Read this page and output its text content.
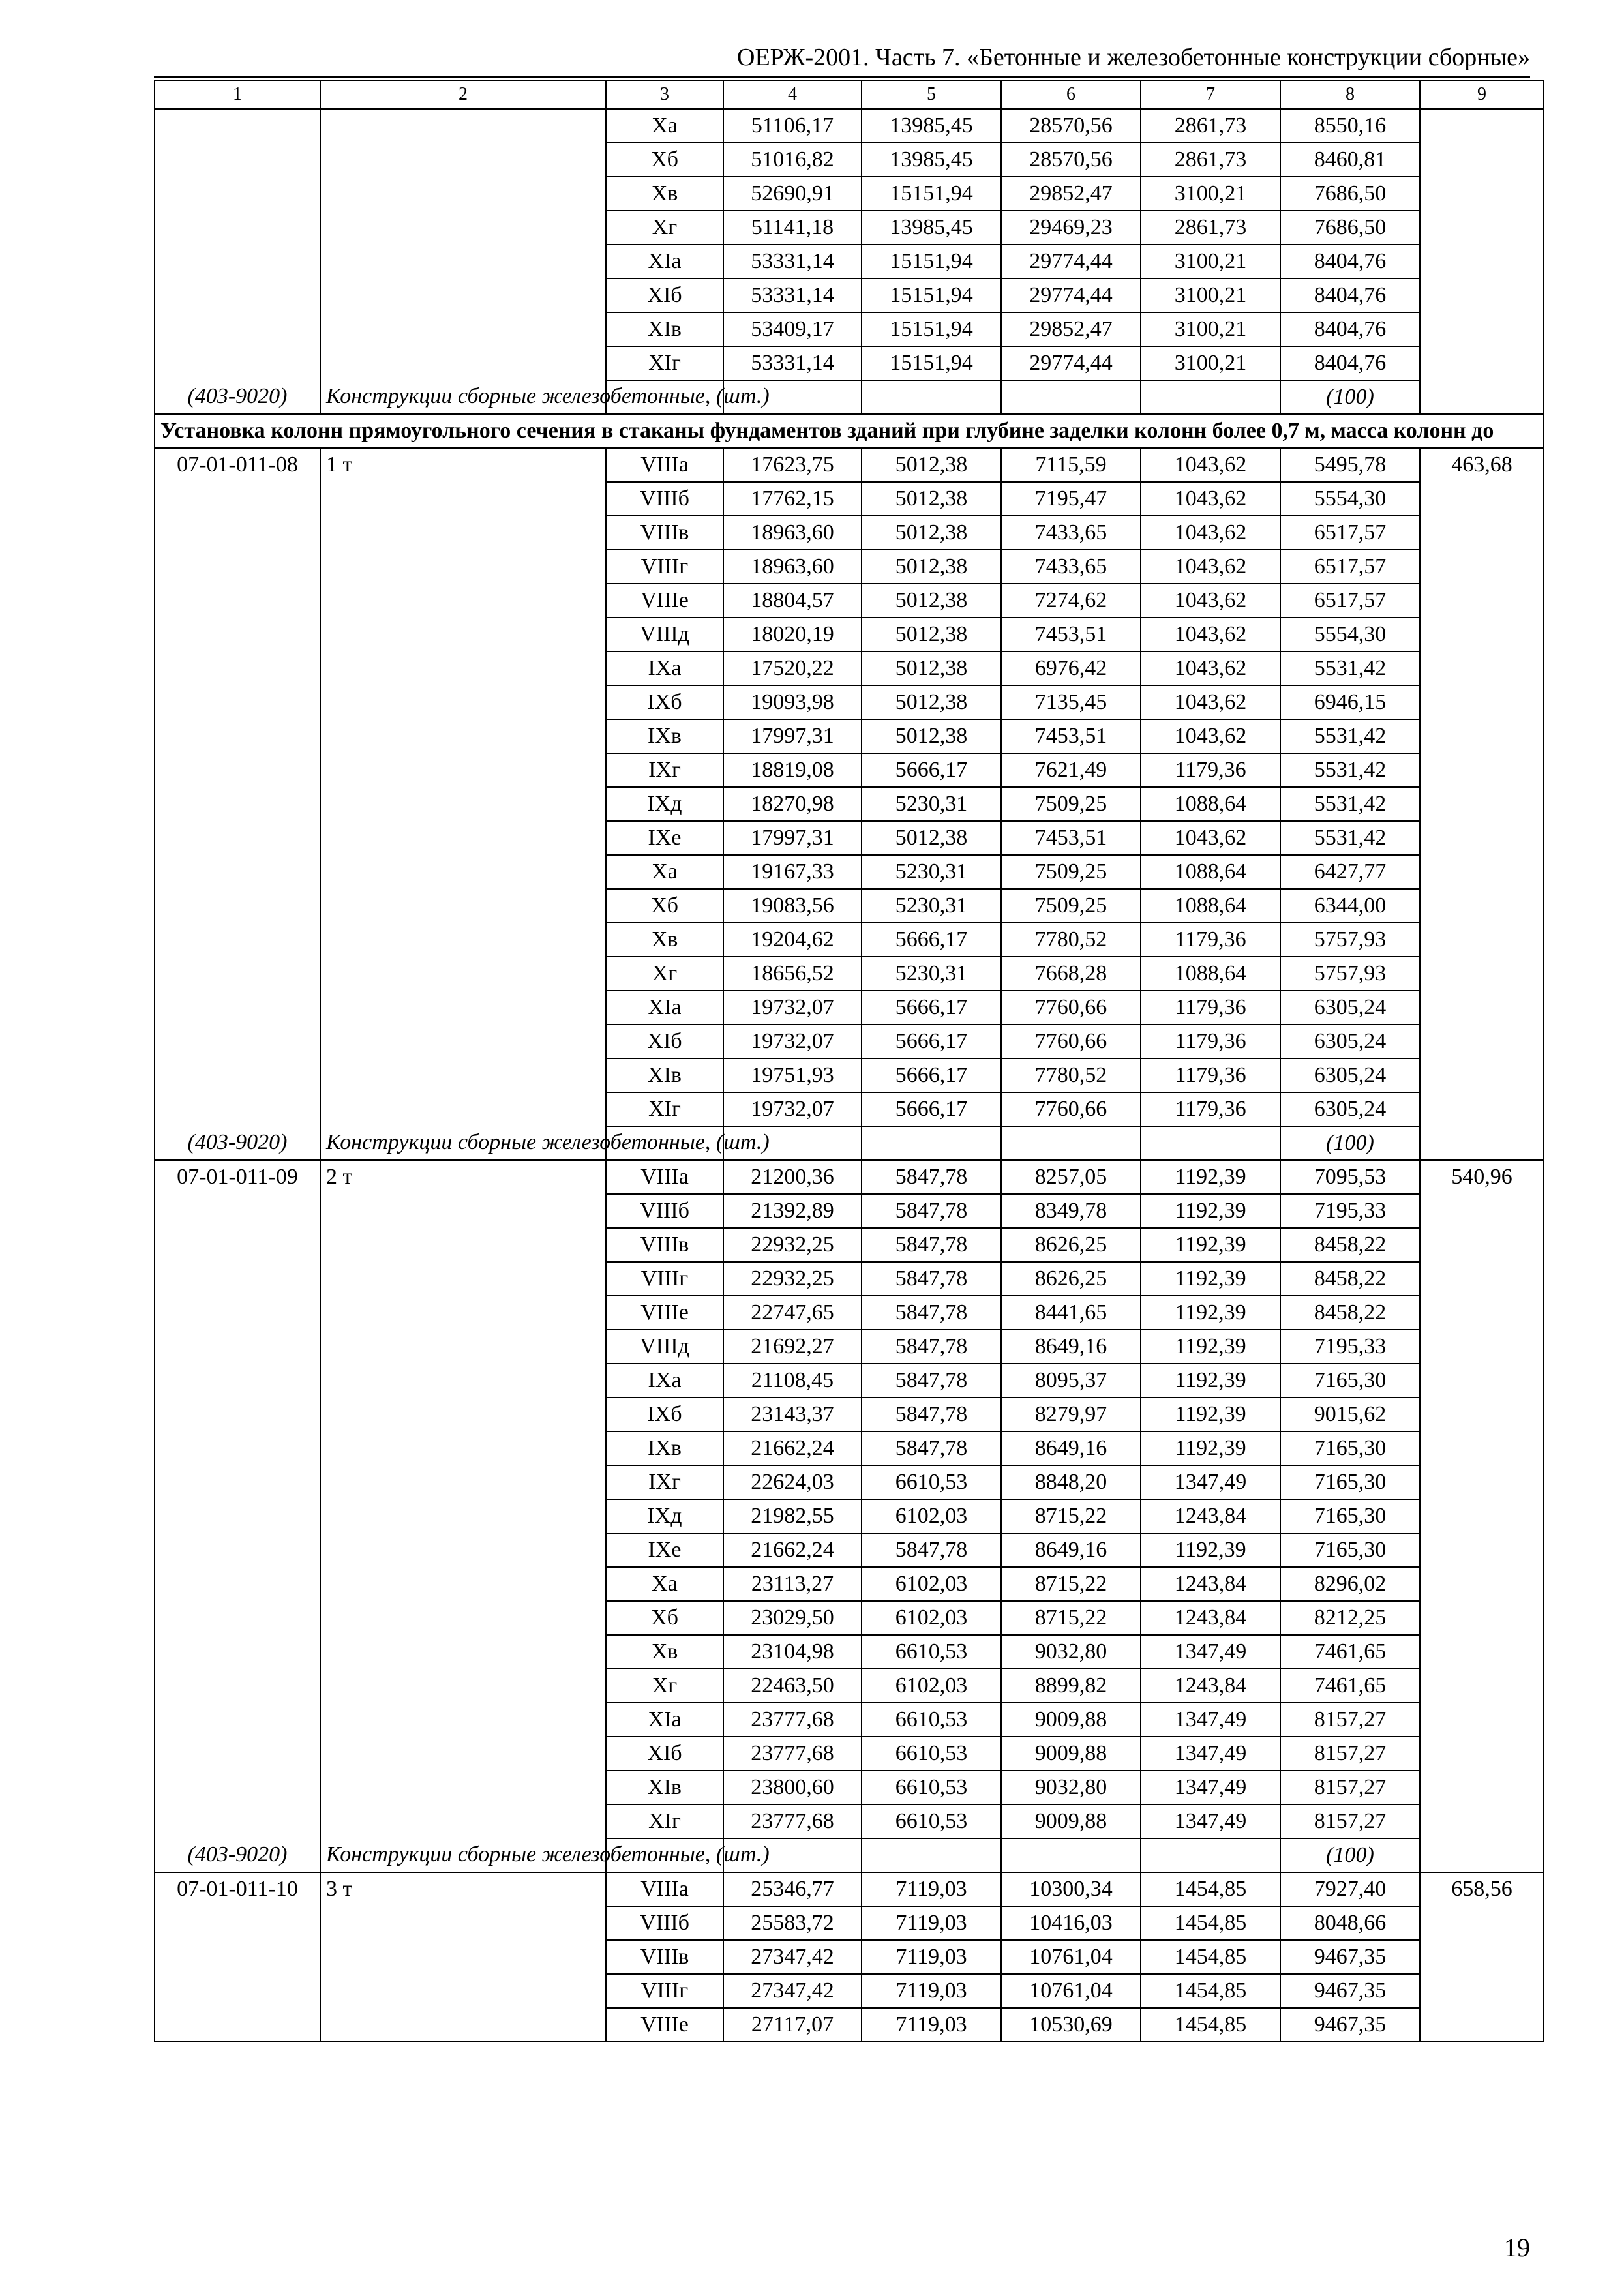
ОЕРЖ-2001. Часть 7. «Бетонные и железобетонные конструкции сборные»
1	2	3	4	5	6	7	8	9
		Xa	51106,17	13985,45	28570,56	2861,73	8550,16	
		Xб	51016,82	13985,45	28570,56	2861,73	8460,81	
		Xв	52690,91	15151,94	29852,47	3100,21	7686,50	
		Xг	51141,18	13985,45	29469,23	2861,73	7686,50	
		XIa	53331,14	15151,94	29774,44	3100,21	8404,76	
		XIб	53331,14	15151,94	29774,44	3100,21	8404,76	
		XIв	53409,17	15151,94	29852,47	3100,21	8404,76	
		XIг	53331,14	15151,94	29774,44	3100,21	8404,76	
(403-9020)	Конструкции сборные железобетонные, (шт.)						(100)	
Установка колонн прямоугольного сечения в стаканы фундаментов зданий при глубине заделки колонн более 0,7 м, масса колонн до								
07-01-011-08	1 т	VIIIa	17623,75	5012,38	7115,59	1043,62	5495,78	463,68
		VIIIб	17762,15	5012,38	7195,47	1043,62	5554,30	
		VIIIв	18963,60	5012,38	7433,65	1043,62	6517,57	
		VIIIг	18963,60	5012,38	7433,65	1043,62	6517,57	
		VIIIe	18804,57	5012,38	7274,62	1043,62	6517,57	
		VIIIд	18020,19	5012,38	7453,51	1043,62	5554,30	
		IXa	17520,22	5012,38	6976,42	1043,62	5531,42	
		IXб	19093,98	5012,38	7135,45	1043,62	6946,15	
		IXв	17997,31	5012,38	7453,51	1043,62	5531,42	
		IXг	18819,08	5666,17	7621,49	1179,36	5531,42	
		IXд	18270,98	5230,31	7509,25	1088,64	5531,42	
		IXe	17997,31	5012,38	7453,51	1043,62	5531,42	
		Xa	19167,33	5230,31	7509,25	1088,64	6427,77	
		Xб	19083,56	5230,31	7509,25	1088,64	6344,00	
		Xв	19204,62	5666,17	7780,52	1179,36	5757,93	
		Xг	18656,52	5230,31	7668,28	1088,64	5757,93	
		XIa	19732,07	5666,17	7760,66	1179,36	6305,24	
		XIб	19732,07	5666,17	7760,66	1179,36	6305,24	
		XIв	19751,93	5666,17	7780,52	1179,36	6305,24	
		XIг	19732,07	5666,17	7760,66	1179,36	6305,24	
(403-9020)	Конструкции сборные железобетонные, (шт.)						(100)	
07-01-011-09	2 т	VIIIa	21200,36	5847,78	8257,05	1192,39	7095,53	540,96
		VIIIб	21392,89	5847,78	8349,78	1192,39	7195,33	
		VIIIв	22932,25	5847,78	8626,25	1192,39	8458,22	
		VIIIг	22932,25	5847,78	8626,25	1192,39	8458,22	
		VIIIe	22747,65	5847,78	8441,65	1192,39	8458,22	
		VIIIд	21692,27	5847,78	8649,16	1192,39	7195,33	
		IXa	21108,45	5847,78	8095,37	1192,39	7165,30	
		IXб	23143,37	5847,78	8279,97	1192,39	9015,62	
		IXв	21662,24	5847,78	8649,16	1192,39	7165,30	
		IXг	22624,03	6610,53	8848,20	1347,49	7165,30	
		IXд	21982,55	6102,03	8715,22	1243,84	7165,30	
		IXe	21662,24	5847,78	8649,16	1192,39	7165,30	
		Xa	23113,27	6102,03	8715,22	1243,84	8296,02	
		Xб	23029,50	6102,03	8715,22	1243,84	8212,25	
		Xв	23104,98	6610,53	9032,80	1347,49	7461,65	
		Xг	22463,50	6102,03	8899,82	1243,84	7461,65	
		XIa	23777,68	6610,53	9009,88	1347,49	8157,27	
		XIб	23777,68	6610,53	9009,88	1347,49	8157,27	
		XIв	23800,60	6610,53	9032,80	1347,49	8157,27	
		XIг	23777,68	6610,53	9009,88	1347,49	8157,27	
(403-9020)	Конструкции сборные железобетонные, (шт.)						(100)	
07-01-011-10	3 т	VIIIa	25346,77	7119,03	10300,34	1454,85	7927,40	658,56
		VIIIб	25583,72	7119,03	10416,03	1454,85	8048,66	
		VIIIв	27347,42	7119,03	10761,04	1454,85	9467,35	
		VIIIг	27347,42	7119,03	10761,04	1454,85	9467,35	
		VIIIe	27117,07	7119,03	10530,69	1454,85	9467,35	
19
